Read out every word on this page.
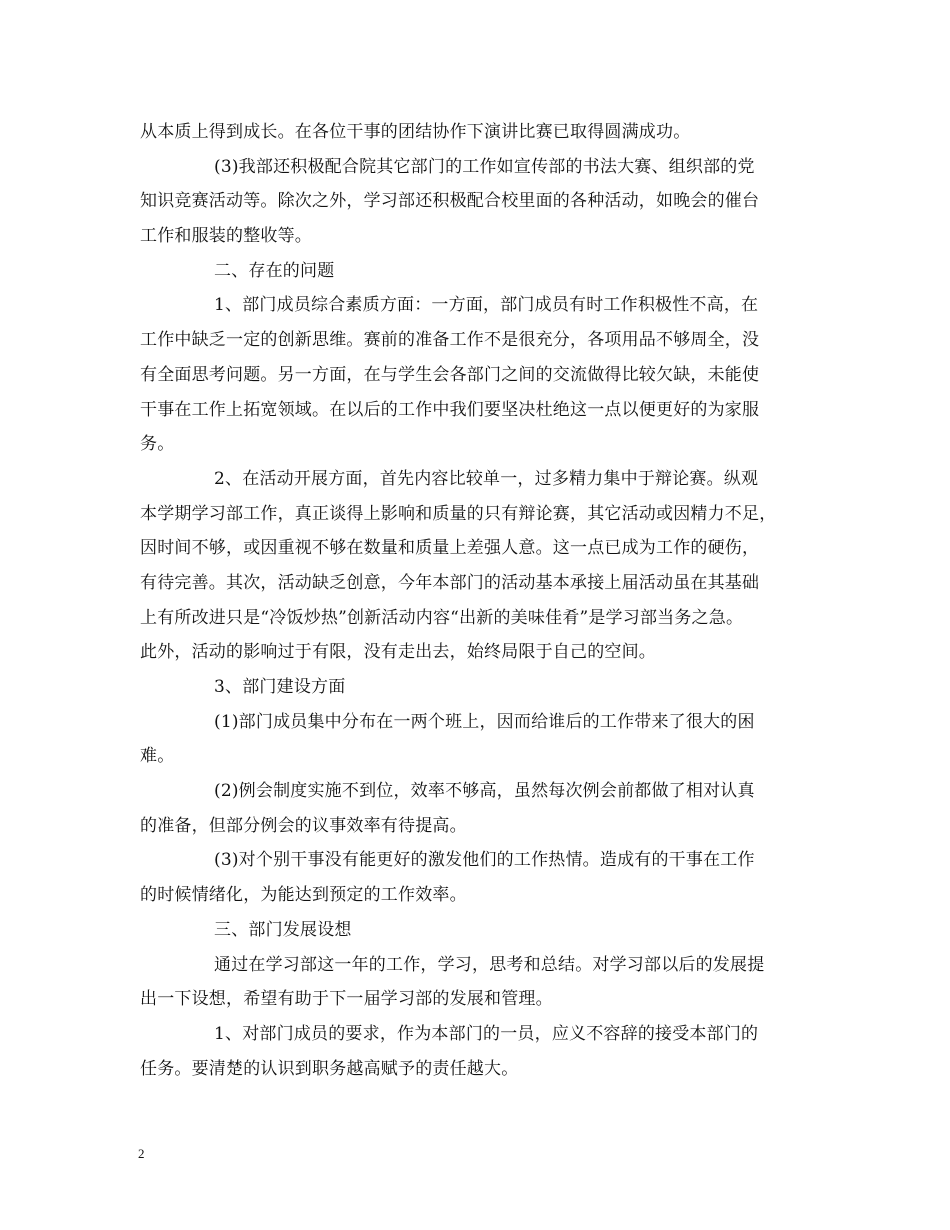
从本质上得到成长。在各位干事的团结协作下演讲比赛已取得圆满成功。
(3)我部还积极配合院其它部门的工作如宣传部的书法大赛、组织部的党
知识竞赛活动等。除次之外，学习部还积极配合校里面的各种活动，如晚会的催台
工作和服装的整收等。
二、存在的问题
1、部门成员综合素质方面：一方面，部门成员有时工作积极性不高，在
工作中缺乏一定的创新思维。赛前的准备工作不是很充分，各项用品不够周全，没
有全面思考问题。另一方面，在与学生会各部门之间的交流做得比较欠缺，未能使
干事在工作上拓宽领域。在以后的工作中我们要坚决杜绝这一点以便更好的为家服
务。
2、在活动开展方面，首先内容比较单一，过多精力集中于辩论赛。纵观
本学期学习部工作，真正谈得上影响和质量的只有辩论赛，其它活动或因精力不足，
因时间不够，或因重视不够在数量和质量上差强人意。这一点已成为工作的硬伤，
有待完善。其次，活动缺乏创意，今年本部门的活动基本承接上届活动虽在其基础
上有所改进只是“冷饭炒热”创新活动内容“出新的美味佳肴”是学习部当务之急。
此外，活动的影响过于有限，没有走出去，始终局限于自己的空间。
3、部门建设方面
(1)部门成员集中分布在一两个班上，因而给谁后的工作带来了很大的困
难。
(2)例会制度实施不到位，效率不够高，虽然每次例会前都做了相对认真
的准备，但部分例会的议事效率有待提高。
(3)对个别干事没有能更好的激发他们的工作热情。造成有的干事在工作
的时候情绪化，为能达到预定的工作效率。
三、部门发展设想
通过在学习部这一年的工作，学习，思考和总结。对学习部以后的发展提
出一下设想，希望有助于下一届学习部的发展和管理。
1、对部门成员的要求，作为本部门的一员，应义不容辞的接受本部门的
任务。要清楚的认识到职务越高赋予的责任越大。
2
